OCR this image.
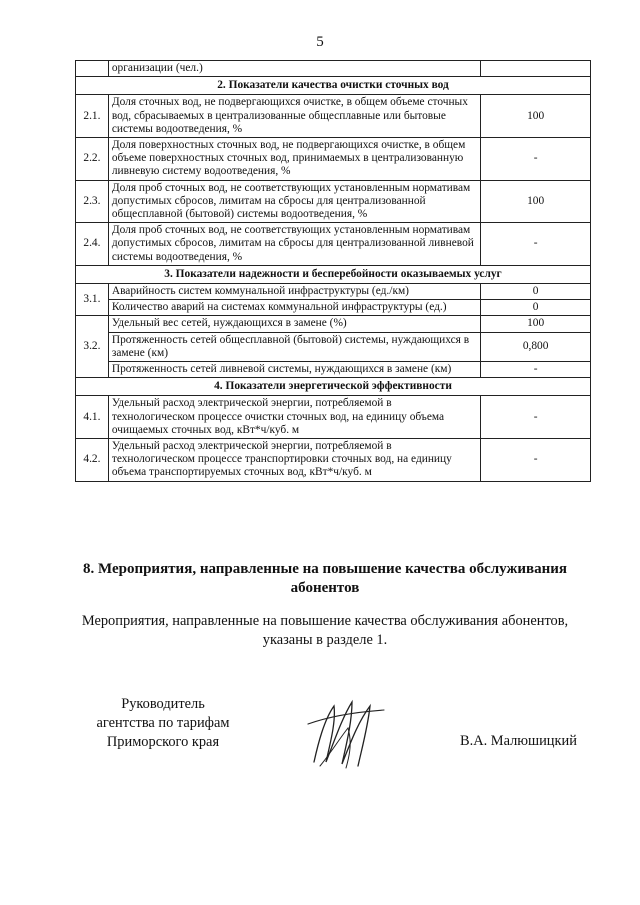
5
	организации (чел.)	
2. Показатели качества очистки сточных вод		
2.1.	Доля сточных вод, не подвергающихся очистке, в общем объеме сточных вод, сбрасываемых в централизованные общесплавные или бытовые системы водоотведения, %	100
2.2.	Доля поверхностных сточных вод, не подвергающихся очистке, в общем объеме поверхностных сточных вод, принимаемых в централизованную ливневую систему водоотведения, %	-
2.3.	Доля проб сточных вод, не соответствующих установленным нормативам допустимых сбросов, лимитам на сбросы для централизованной общесплавной (бытовой) системы водоотведения, %	100
2.4.	Доля проб сточных вод, не соответствующих установленным нормативам допустимых сбросов, лимитам на сбросы для централизованной ливневой системы водоотведения, %	-
3. Показатели надежности и бесперебойности оказываемых услуг		
3.1.	Аварийность систем коммунальной инфраструктуры (ед./км)	0
	Количество аварий на системах коммунальной инфраструктуры (ед.)	0
3.2.	Удельный вес сетей, нуждающихся в замене (%)	100
	Протяженность сетей общесплавной (бытовой) системы, нуждающихся в замене (км)	0,800
	Протяженность сетей ливневой системы, нуждающихся в замене (км)	-
4. Показатели энергетической эффективности		
4.1.	Удельный расход электрической энергии, потребляемой в технологическом процессе очистки сточных вод, на единицу объема очищаемых сточных вод, кВт*ч/куб. м	-
4.2.	Удельный расход электрической энергии, потребляемой в технологическом процессе транспортировки сточных вод, на единицу объема транспортируемых сточных вод, кВт*ч/куб. м	-
8. Мероприятия, направленные на повышение качества обслуживания абонентов
Мероприятия, направленные на повышение качества обслуживания абонентов, указаны в разделе 1.
Руководитель
агентства по тарифам
Приморского края	В.А. Малюшицкий
